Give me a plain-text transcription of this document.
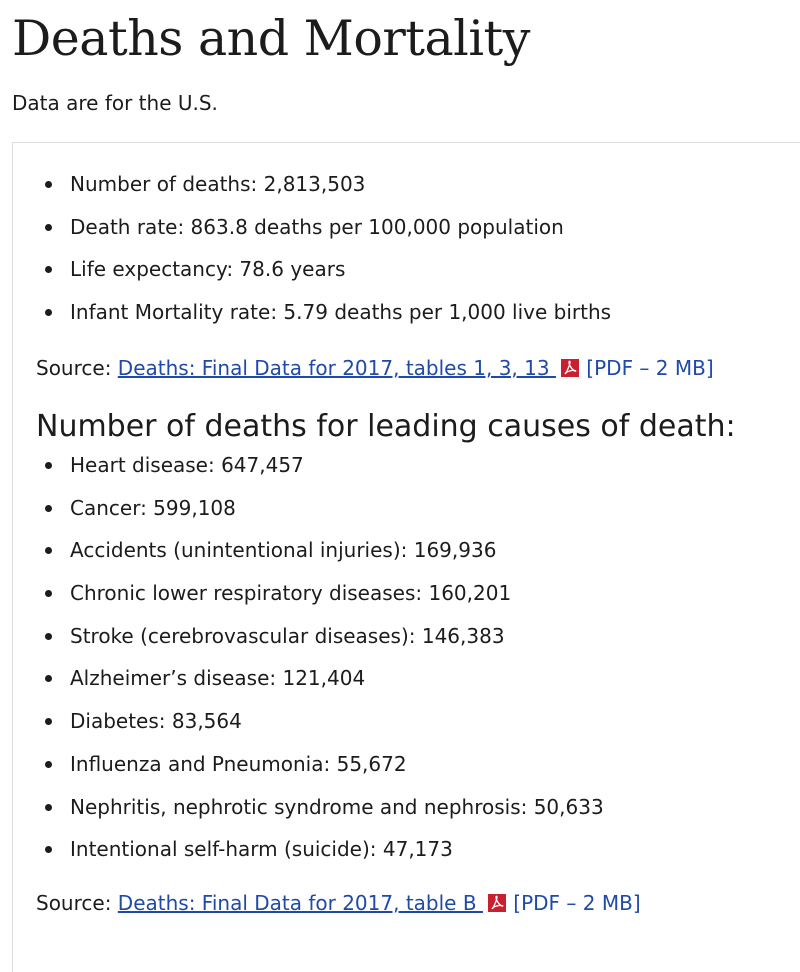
Deaths and Mortality
Data are for the U.S.
Number of deaths: 2,813,503
Death rate: 863.8 deaths per 100,000 population
Life expectancy: 78.6 years
Infant Mortality rate: 5.79 deaths per 1,000 live births
Source: Deaths: Final Data for 2017, tables 1, 3, 13  [PDF – 2 MB]
Number of deaths for leading causes of death:
Heart disease: 647,457
Cancer: 599,108
Accidents (unintentional injuries): 169,936
Chronic lower respiratory diseases: 160,201
Stroke (cerebrovascular diseases): 146,383
Alzheimer’s disease: 121,404
Diabetes: 83,564
Influenza and Pneumonia: 55,672
Nephritis, nephrotic syndrome and nephrosis: 50,633
Intentional self-harm (suicide): 47,173
Source: Deaths: Final Data for 2017, table B  [PDF – 2 MB]
